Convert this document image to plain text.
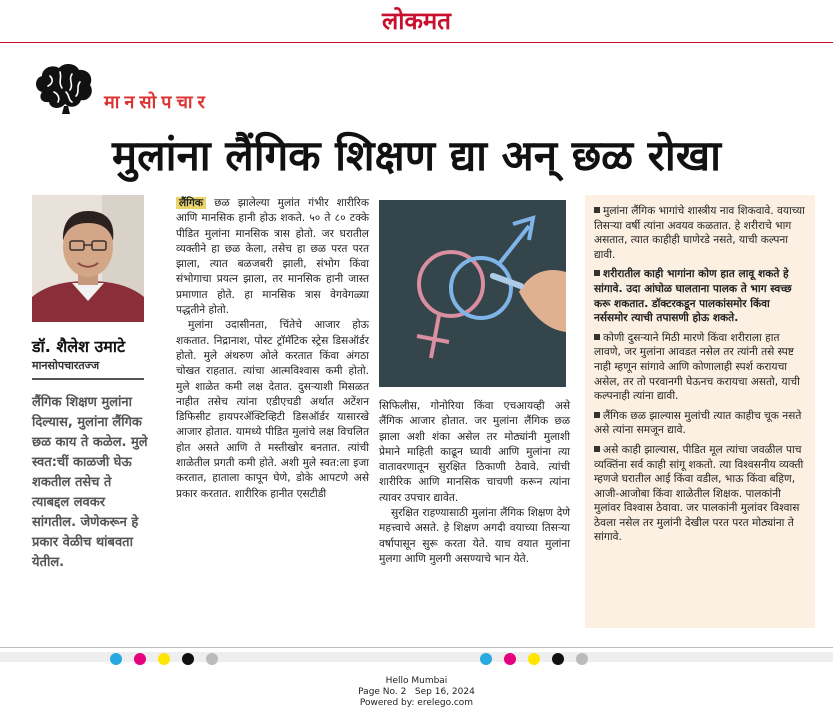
लोकमत
मानसोपचार
मुलांना लैंगिक शिक्षण द्या अन् छळ रोखा
डॉ. शैलेश उमाटे
मानसोपचारतज्ज
लैंगिक शिक्षण मुलांना दिल्यास, मुलांना लैंगिक छळ काय ते कळेल. मुले स्वत:चीं काळजी घेऊ शकतील तसेच ते त्याबद्दल लवकर सांगतील. जेणेकरून हे प्रकार वेळीच थांबवता येतील.

लैंगिक छळ झालेल्या मुलांत गंभीर शारीरिक आणि मानसिक हानी होऊ शकते. ५० ते ८० टक्के पीडित मुलांना मानसिक त्रास होतो. जर घरातील व्यक्तीने हा छळ केला, तसेच हा छळ परत परत झाला, त्यात बळजबरी झाली, संभोग किंवा संभोगाचा प्रयत्न झाला, तर मानसिक हानी जास्त प्रमाणात होते. हा मानसिक त्रास वेगवेगळ्या पद्धतीने होतो.

मुलांना उदासीनता, चिंतेचे आजार होऊ शकतात. निद्रानाश, पोस्ट ट्रॉमॅटिक स्ट्रेस डिसऑर्डर होतो. मुले अंथरुण ओले करतात किंवा अंगठा चोखत राहतात. त्यांचा आत्मविश्वास कमी होतो. मुले शाळेत कमी लक्ष देतात. दुसऱ्याशी मिसळत नाहीत तसेच त्यांना एडीएचडी अर्थात अटेंशन डिफिसीट हायपरॲक्टिव्हिटी डिसऑर्डर यासारखे आजार होतात. यामध्ये पीडित मुलांचे लक्ष विचलित होत असते आणि ते मस्तीखोर बनतात. त्यांची शाळेतील प्रगती कमी होते. अशी मुले स्वत:ला इजा करतात, हाताला कापून घेणे, डोके आपटणे असे प्रकार करतात. शारीरिक हानीत एसटीडी

सिफिलीस, गोनोरिया किंवा एचआयव्ही असे लैंगिक आजार होतात. जर मुलांना लैंगिक छळ झाला अशी शंका असेल तर मोठ्यांनी मुलाशी प्रेमाने माहिती काढून घ्यावी आणि मुलांना त्या वातावरणातून सुरक्षित ठिकाणी ठेवावे. त्यांची शारीरिक आणि मानसिक चाचणी करून त्यांना त्यावर उपचार द्यावेत.

सुरक्षित राहण्यासाठी मुलांना लैंगिक शिक्षण देणे महत्त्वाचे असते. हे शिक्षण अगदी वयाच्या तिसऱ्या वर्षापासून सुरू करता येते. याच वयात मुलांना मुलगा आणि मुलगी असण्याचे भान येते.

मुलांना लैंगिक भागांचे शास्त्रीय नाव शिकवावे. वयाच्या तिसऱ्या वर्षी त्यांना अवयव कळतात. हे शरीराचे भाग असतात, त्यात काहीही घाणेरडे नसते, याची कल्पना द्यावी.
शरीरातील काही भागांना कोण हात लावू शकते हे सांगावे. उदा आंघोळ घालताना पालक ते भाग स्वच्छ करू शकतात. डॉक्टरकडून पालकांसमोर किंवा नर्ससमोर त्याची तपासणी होऊ शकते.
कोणी दुसऱ्याने मिठी मारणे किंवा शरीराला हात लावणे, जर मुलांना आवडत नसेल तर त्यांनी तसे स्पष्ट नाही म्हणून सांगावे आणि कोणालाही स्पर्श करायचा असेल, तर तो परवानगी घेऊनच करायचा असतो, याची कल्पनाही त्यांना द्यावी.
लैंगिक छळ झाल्यास मुलांची त्यात काहीच चूक नसते असे त्यांना समजून द्यावे.
असे काही झाल्यास, पीडित मूल त्यांचा जवळील पाच व्यक्तिंना सर्व काही सांगू शकतो. त्या विश्‍वसनीय व्यक्ती म्हणजे घरातील आई किंवा वडील, भाऊ किंवा बहिण, आजी-आजोबा किंवा शाळेतील शिक्षक. पालकांनी मुलांवर विश्वास ठेवावा. जर पालकांनी मुलांवर विश्वास ठेवला नसेल तर मुलांनी देखील परत परत मोठ्यांना ते सांगावे.
Hello Mumbai
Page No. 2   Sep 16, 2024
Powered by: erelego.com
